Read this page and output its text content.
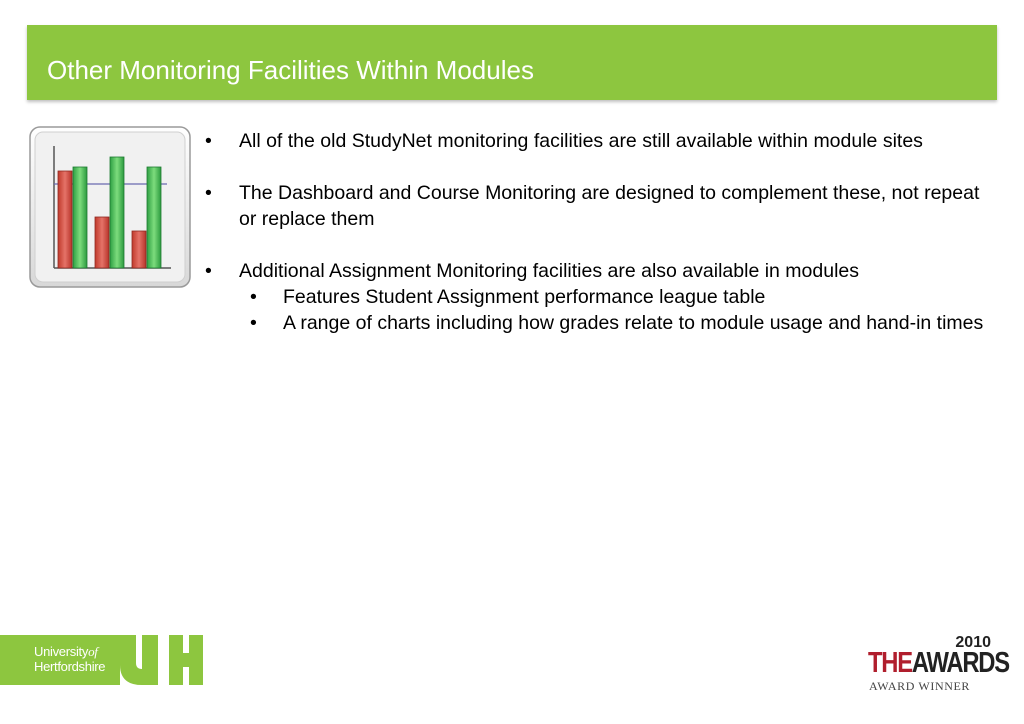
Other Monitoring Facilities Within Modules
• All of the old StudyNet monitoring facilities are still available within module sites
• The Dashboard and Course Monitoring are designed to complement these, not repeat or replace them
• Additional Assignment Monitoring facilities are also available in modules
• Features Student Assignment performance league table
• A range of charts including how grades relate to module usage and hand-in times
Universityof
Hertfordshire
2010
THEAWARDS
AWARD WINNER
